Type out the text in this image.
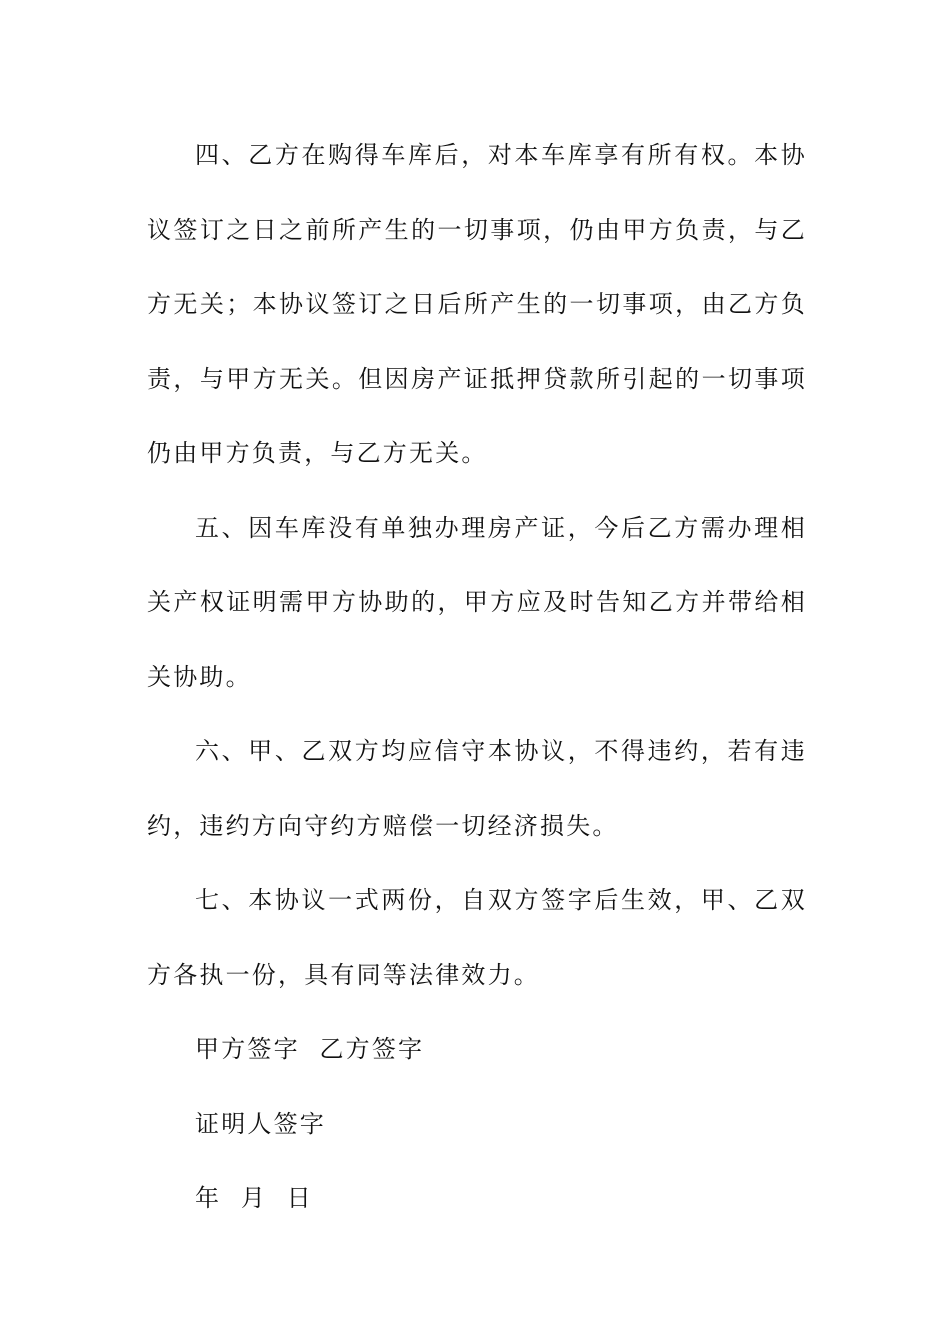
四、乙方在购得车库后，对本车库享有所有权。本协议签订之日之前所产生的一切事项，仍由甲方负责，与乙方无关；本协议签订之日后所产生的一切事项，由乙方负责，与甲方无关。但因房产证抵押贷款所引起的一切事项仍由甲方负责，与乙方无关。

五、因车库没有单独办理房产证，今后乙方需办理相关产权证明需甲方协助的，甲方应及时告知乙方并带给相关协助。

六、甲、乙双方均应信守本协议，不得违约，若有违约，违约方向守约方赔偿一切经济损失。

七、本协议一式两份，自双方签字后生效，甲、乙双方各执一份，具有同等法律效力。

甲方签字  乙方签字

证明人签字

年  月  日
